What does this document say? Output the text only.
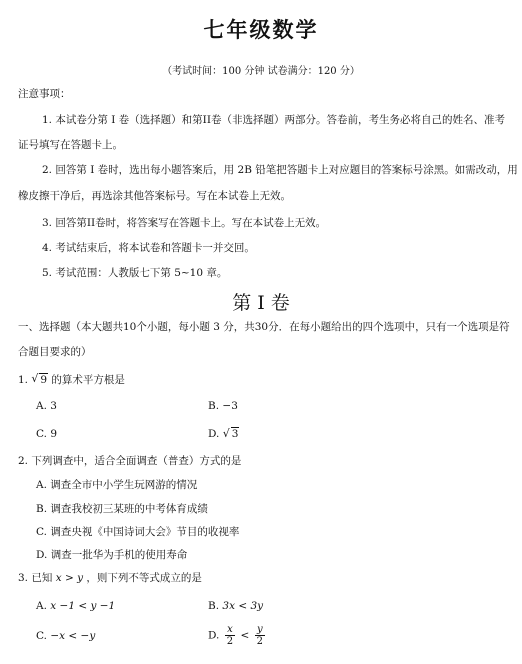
七年级数学
（考试时间：100 分钟 试卷满分：120 分）
注意事项：
1. 本试卷分第 I 卷（选择题）和第II卷（非选择题）两部分。答卷前，考生务必将自己的姓名、准考
证号填写在答题卡上。
2. 回答第 I 卷时，选出每小题答案后，用 2B 铅笔把答题卡上对应题目的答案标号涂黑。如需改动，用
橡皮擦干净后，再选涂其他答案标号。写在本试卷上无效。
3. 回答第II卷时，将答案写在答题卡上。写在本试卷上无效。
4. 考试结束后，将本试卷和答题卡一并交回。
5. 考试范围：人教版七下第 5~10 章。
第 I 卷
一、选择题（本大题共10个小题，每小题 3 分，共30分．在每小题给出的四个选项中，只有一个选项是符
合题目要求的）
1. √ 9 的算术平方根是
A. 3	B. −3
C. 9	D. √ 3
2. 下列调查中，适合全面调查（普查）方式的是
A. 调查全市中小学生玩网游的情况
B. 调查我校初三某班的中考体育成绩
C. 调查央视《中国诗词大会》节目的收视率
D. 调查一批华为手机的使用寿命
3. 已知 x > y ，则下列不等式成立的是
A. x −1 < y −1	B. 3x < 3y
C. −x < −y	D. $\frac{x}{2} < \frac{y}{2}$
